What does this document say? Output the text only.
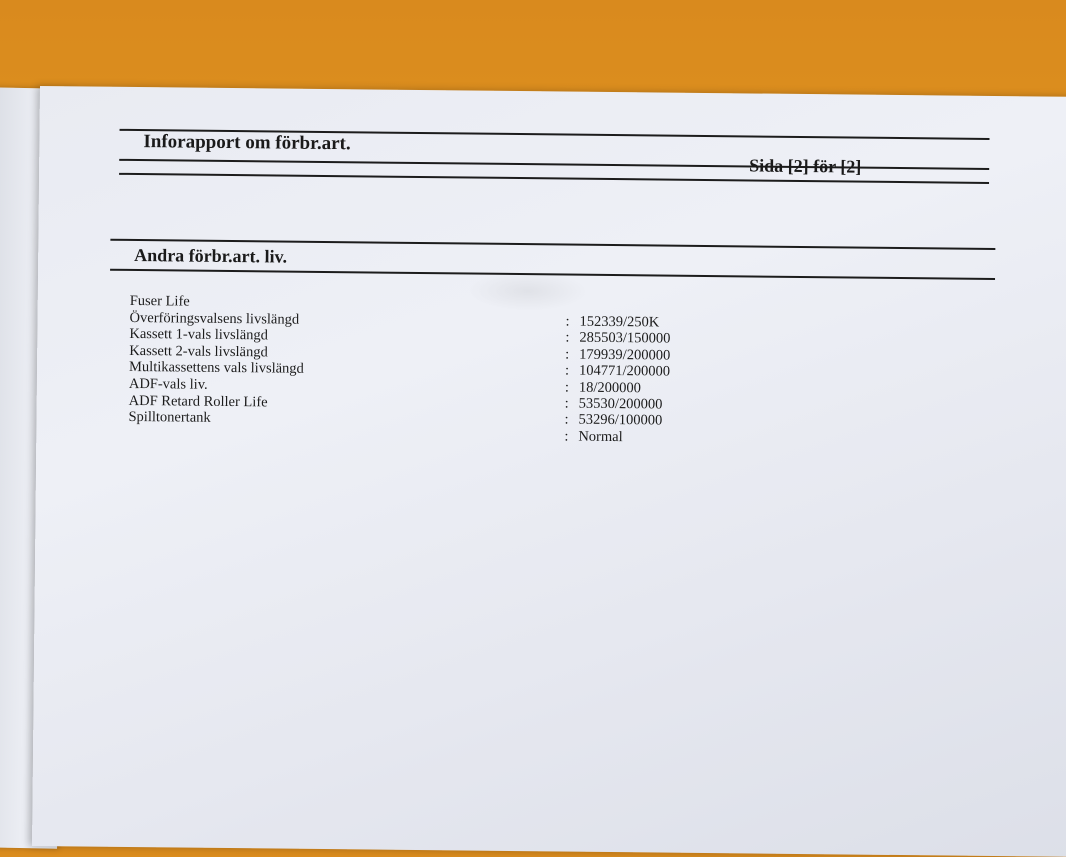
Inforapport om förbr.art.
Sida [2] för [2]
Andra förbr.art. liv.
Fuser Life
Överföringsvalsens livslängd
Kassett 1-vals livslängd
Kassett 2-vals livslängd
Multikassettens vals livslängd
ADF-vals liv.
ADF Retard Roller Life
Spilltonertank
: 152339/250K
: 285503/150000
: 179939/200000
: 104771/200000
: 18/200000
: 53530/200000
: 53296/100000
: Normal
